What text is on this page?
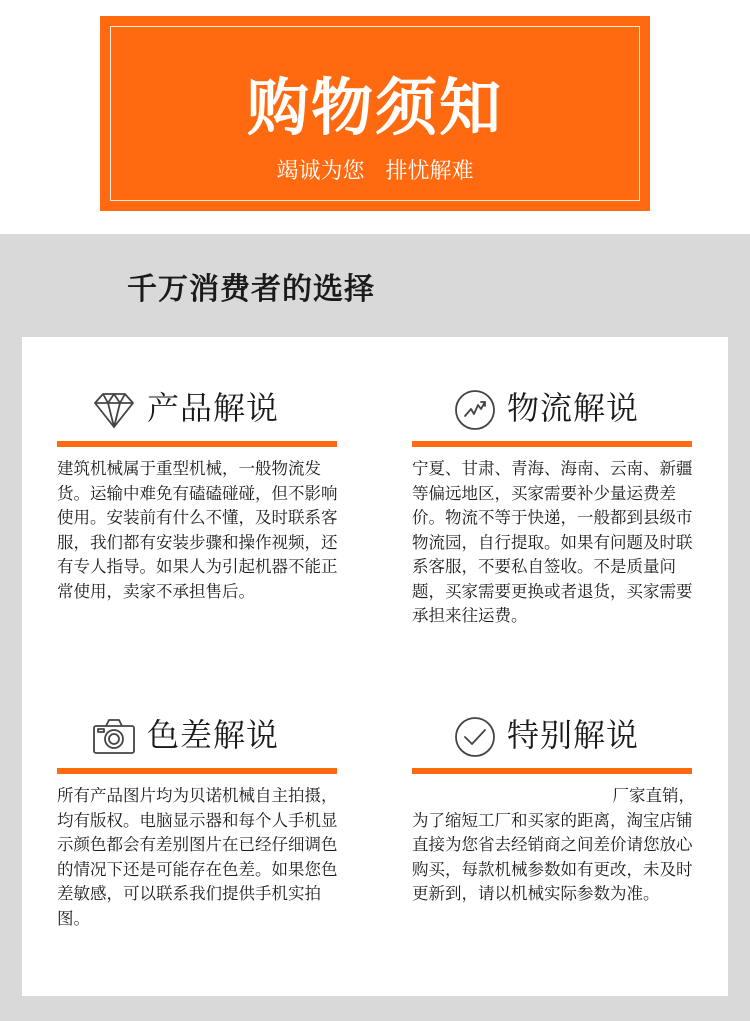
购物须知
竭诚为您 排忧解难
千万消费者的选择
产品解说
建筑机械属于重型机械，一般物流发货。运输中难免有磕磕碰碰，但不影响使用。安装前有什么不懂，及时联系客服，我们都有安装步骤和操作视频，还有专人指导。如果人为引起机器不能正常使用，卖家不承担售后。
物流解说
宁夏、甘肃、青海、海南、云南、新疆等偏远地区，买家需要补少量运费差价。物流不等于快递，一般都到县级市物流园，自行提取。如果有问题及时联系客服，不要私自签收。不是质量问题，买家需要更换或者退货，买家需要承担来往运费。
色差解说
所有产品图片均为贝诺机械自主拍摄，均有版权。电脑显示器和每个人手机显示颜色都会有差别图片在已经仔细调色的情况下还是可能存在色差。如果您色差敏感，可以联系我们提供手机实拍图。
特别解说
厂家直销，
为了缩短工厂和买家的距离，淘宝店铺直接为您省去经销商之间差价请您放心购买，每款机械参数如有更改，未及时更新到，请以机械实际参数为准。
